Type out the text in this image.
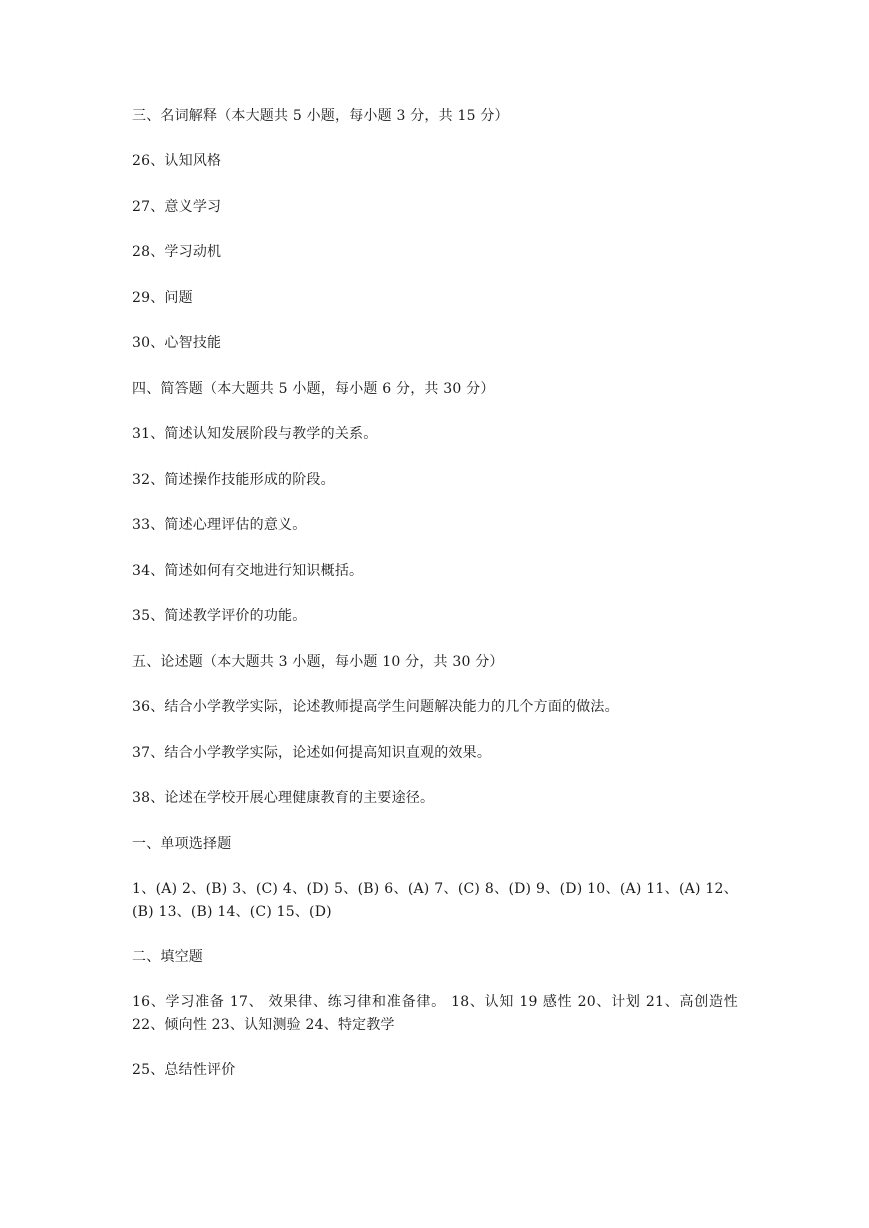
三、名词解释（本大题共 5 小题，每小题 3 分，共 15 分）
26、认知风格
27、意义学习
28、学习动机
29、问题
30、心智技能
四、简答题（本大题共 5 小题，每小题 6 分，共 30 分）
31、简述认知发展阶段与教学的关系。
32、简述操作技能形成的阶段。
33、简述心理评估的意义。
34、简述如何有交地进行知识概括。
35、简述教学评价的功能。
五、论述题（本大题共 3 小题，每小题 10 分，共 30 分）
36、结合小学教学实际，论述教师提高学生问题解决能力的几个方面的做法。
37、结合小学教学实际，论述如何提高知识直观的效果。
38、论述在学校开展心理健康教育的主要途径。
一、单项选择题
1、(A) 2、(B) 3、(C) 4、(D) 5、(B) 6、(A) 7、(C) 8、(D) 9、(D) 10、(A) 11、(A) 12、(B) 13、(B) 14、(C) 15、(D)
二、填空题
16、学习准备 17、 效果律、练习律和准备律。 18、认知 19 感性 20、计划 21、高创造性 22、倾向性 23、认知测验 24、特定教学
25、总结性评价
